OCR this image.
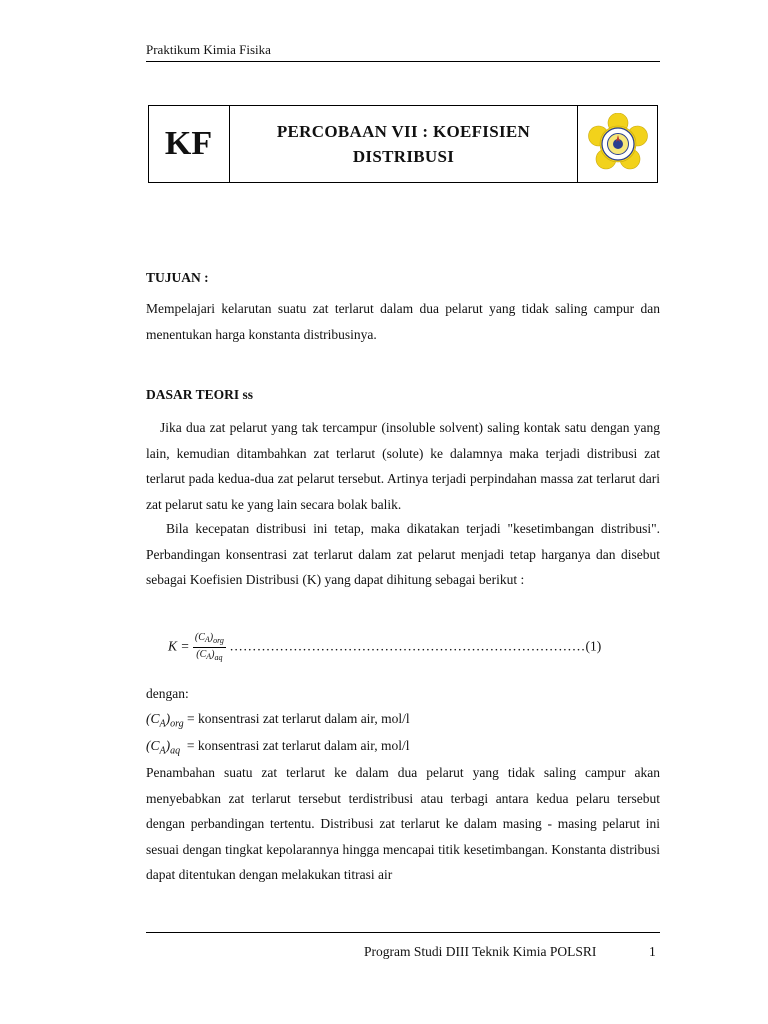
Praktikum Kimia Fisika
KF	PERCOBAAN VII : KOEFISIEN
DISTRIBUSI
TUJUAN :
Mempelajari kelarutan suatu zat terlarut dalam dua pelarut yang tidak saling campur dan menentukan harga konstanta distribusinya.
DASAR TEORI ss
Jika dua zat pelarut yang tak tercampur (insoluble solvent) saling kontak satu dengan yang lain, kemudian ditambahkan zat terlarut (solute) ke dalamnya maka terjadi distribusi zat terlarut pada kedua-dua zat pelarut tersebut. Artinya terjadi perpindahan massa zat terlarut dari zat pelarut satu ke yang lain secara bolak balik.
Bila kecepatan distribusi ini tetap, maka dikatakan terjadi "kesetimbangan distribusi". Perbandingan konsentrasi zat terlarut dalam zat pelarut menjadi tetap harganya dan disebut sebagai Koefisien Distribusi (K) yang dapat dihitung sebagai berikut :
$K = \frac{(C_A)_{org}}{(C_A)_{aq}}$ ……………………………………………………………………(1)
dengan:
$(C_A)_{org}$ = konsentrasi zat terlarut dalam air, mol/l
$(C_A)_{aq}$  = konsentrasi zat terlarut dalam air, mol/l
Penambahan suatu zat terlarut ke dalam dua pelarut yang tidak saling campur akan menyebabkan zat terlarut tersebut terdistribusi atau terbagi antara kedua pelaru tersebut dengan perbandingan tertentu. Distribusi zat terlarut ke dalam masing - masing pelarut ini sesuai dengan tingkat kepolarannya hingga mencapai titik kesetimbangan. Konstanta distribusi dapat ditentukan dengan melakukan titrasi air
Program Studi DIII Teknik Kimia POLSRI	1
